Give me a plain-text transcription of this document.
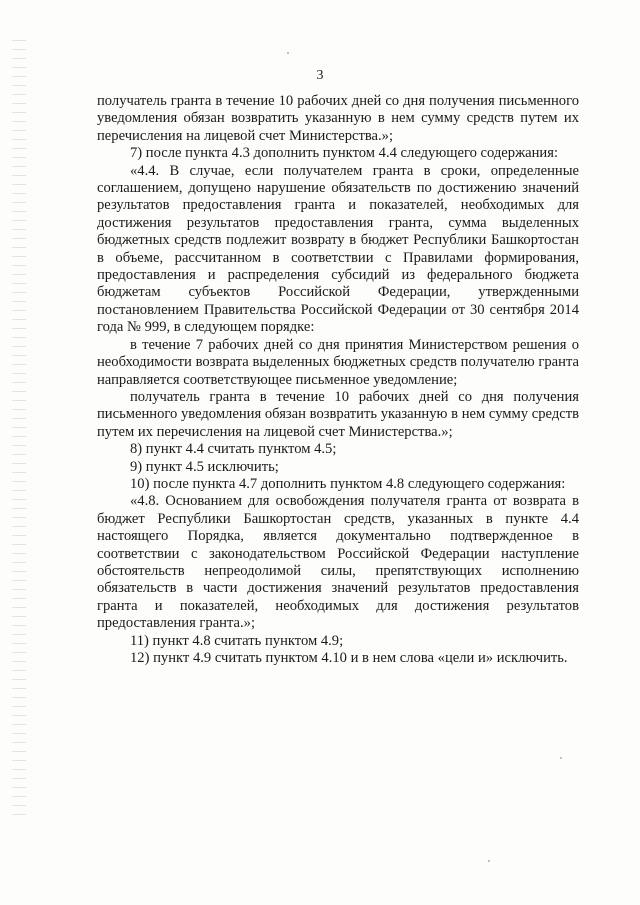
3

получатель гранта в течение 10 рабочих дней со дня получения письменного уведомления обязан возвратить указанную в нем сумму средств путем их перечисления на лицевой счет Министерства.»;

7) после пункта 4.3 дополнить пунктом 4.4 следующего содержания:

«4.4. В случае, если получателем гранта в сроки, определенные соглашением, допущено нарушение обязательств по достижению значений результатов предоставления гранта и показателей, необходимых для достижения результатов предоставления гранта, сумма выделенных бюджетных средств подлежит возврату в бюджет Республики Башкортостан в объеме, рассчитанном в соответствии с Правилами формирования, предоставления и распределения субсидий из федерального бюджета бюджетам субъектов Российской Федерации, утвержденными постановлением Правительства Российской Федерации от 30 сентября 2014 года № 999, в следующем порядке:

в течение 7 рабочих дней со дня принятия Министерством решения о необходимости возврата выделенных бюджетных средств получателю гранта направляется соответствующее письменное уведомление;

получатель гранта в течение 10 рабочих дней со дня получения письменного уведомления обязан возвратить указанную в нем сумму средств путем их перечисления на лицевой счет Министерства.»;

8) пункт 4.4 считать пунктом 4.5;

9) пункт 4.5 исключить;

10) после пункта 4.7 дополнить пунктом 4.8 следующего содержания:

«4.8. Основанием для освобождения получателя гранта от возврата в бюджет Республики Башкортостан средств, указанных в пункте 4.4 настоящего Порядка, является документально подтвержденное в соответствии с законодательством Российской Федерации наступление обстоятельств непреодолимой силы, препятствующих исполнению обязательств в части достижения значений результатов предоставления гранта и показателей, необходимых для достижения результатов предоставления гранта.»;

11) пункт 4.8 считать пунктом 4.9;

12) пункт 4.9 считать пунктом 4.10 и в нем слова «цели и» исключить.
